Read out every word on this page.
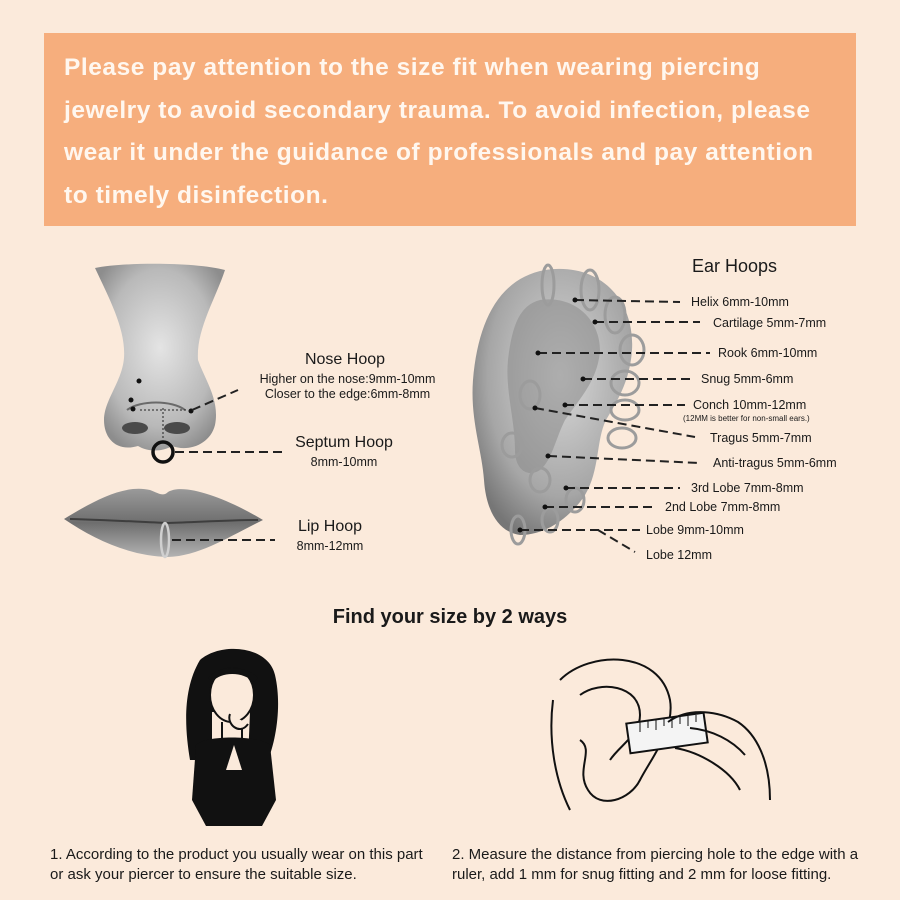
Please pay attention to the size fit when wearing piercing jewelry to avoid secondary trauma. To avoid infection, please wear it under the guidance of professionals and pay attention to timely disinfection.

Nose Hoop
Higher on the nose:9mm-10mm
Closer to the edge:6mm-8mm
Septum Hoop
8mm-10mm
Lip Hoop
8mm-12mm
Ear Hoops
Helix 6mm-10mm
Cartilage 5mm-7mm
Rook 6mm-10mm
Snug 5mm-6mm
Conch 10mm-12mm
(12MM is better for non-small ears.)
Tragus 5mm-7mm
Anti-tragus 5mm-6mm
3rd Lobe 7mm-8mm
2nd Lobe 7mm-8mm
Lobe 9mm-10mm
Lobe 12mm
Find your size by 2 ways
1. According to the product you usually wear on this part or ask your piercer to ensure the suitable size.
2. Measure the distance from piercing hole to the edge with a ruler, add 1 mm for snug fitting and 2 mm for loose fitting.
